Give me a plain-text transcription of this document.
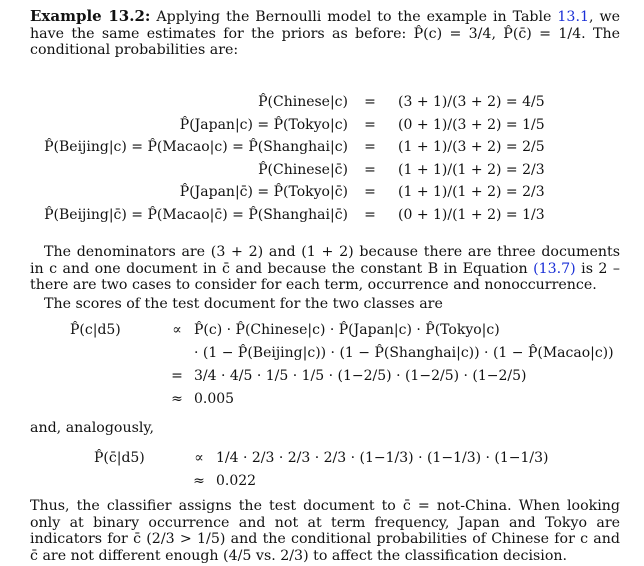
Example 13.2: Applying the Bernoulli model to the example in Table 13.1, we have the same estimates for the priors as before: P̂(c) = 3/4, P̂(c̄) = 1/4. The conditional probabilities are:

P̂(Chinese|c) = (3 + 1)/(3 + 2) = 4/5
P̂(Japan|c) = P̂(Tokyo|c) = (0 + 1)/(3 + 2) = 1/5
P̂(Beijing|c) = P̂(Macao|c) = P̂(Shanghai|c) = (1 + 1)/(3 + 2) = 2/5
P̂(Chinese|c̄) = (1 + 1)/(1 + 2) = 2/3
P̂(Japan|c̄) = P̂(Tokyo|c̄) = (1 + 1)/(1 + 2) = 2/3
P̂(Beijing|c̄) = P̂(Macao|c̄) = P̂(Shanghai|c̄) = (0 + 1)/(1 + 2) = 1/3

The denominators are (3 + 2) and (1 + 2) because there are three documents in c and one document in c̄ and because the constant B in Equation (13.7) is 2 – there are two cases to consider for each term, occurrence and nonoccurrence.

The scores of the test document for the two classes are

P̂(c|d5)	∝ P̂(c) · P̂(Chinese|c) · P̂(Japan|c) · P̂(Tokyo|c)
· (1 − P̂(Beijing|c)) · (1 − P̂(Shanghai|c)) · (1 − P̂(Macao|c))
= 3/4 · 4/5 · 1/5 · 1/5 · (1−2/5) · (1−2/5) · (1−2/5)
≈ 0.005
and, analogously,
P̂(c̄|d5)	∝ 1/4 · 2/3 · 2/3 · 2/3 · (1−1/3) · (1−1/3) · (1−1/3)
≈ 0.022

Thus, the classifier assigns the test document to c̄ = not-China. When looking only at binary occurrence and not at term frequency, Japan and Tokyo are indicators for c̄ (2/3 > 1/5) and the conditional probabilities of Chinese for c and c̄ are not different enough (4/5 vs. 2/3) to affect the classification decision.
